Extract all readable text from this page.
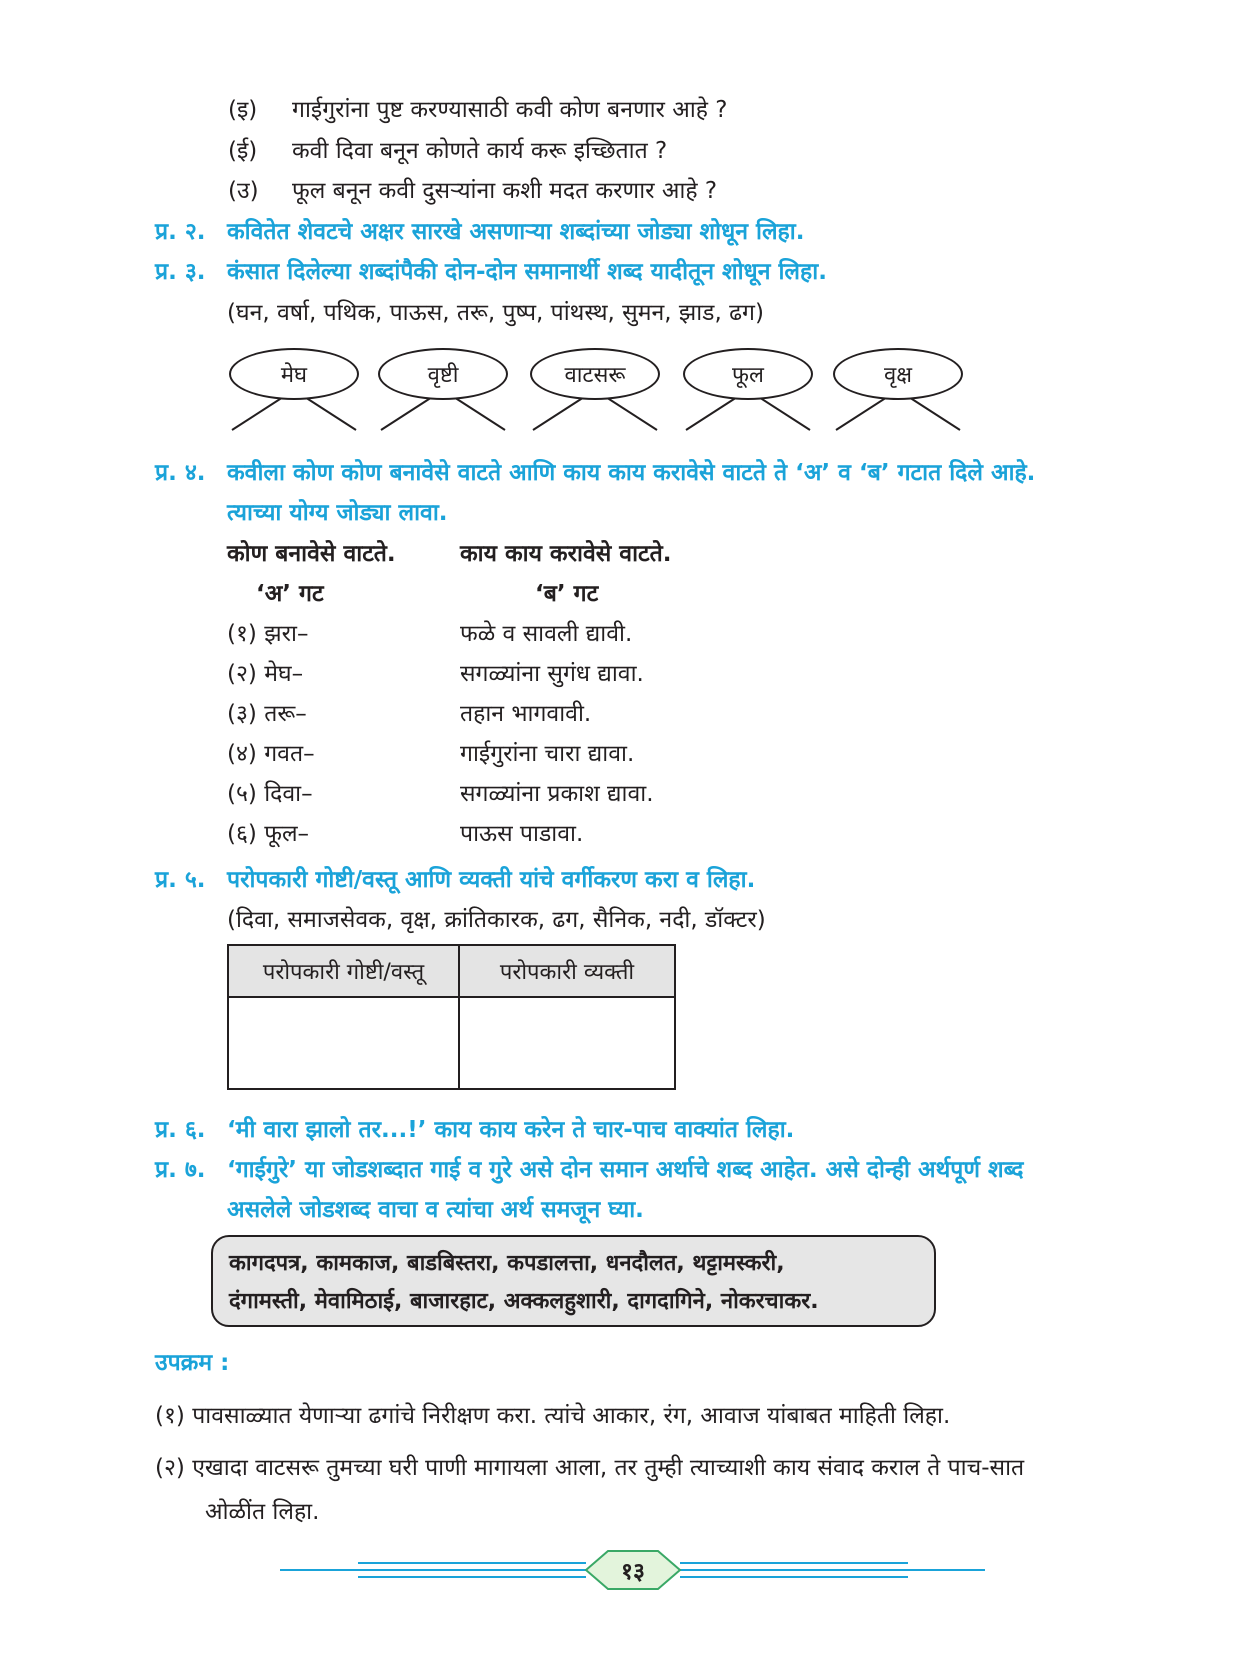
(इ) गाईगुरांना पुष्ट करण्यासाठी कवी कोण बनणार आहे ?
(ई) कवी दिवा बनून कोणते कार्य करू इच्छितात ?
(उ) फूल बनून कवी दुसऱ्यांना कशी मदत करणार आहे ?
प्र. २. कवितेत शेवटचे अक्षर सारखे असणाऱ्या शब्दांच्या जोड्या शोधून लिहा.
प्र. ३. कंसात दिलेल्या शब्दांपैकी दोन-दोन समानार्थी शब्द यादीतून शोधून लिहा.
(घन, वर्षा, पथिक, पाऊस, तरू, पुष्प, पांथस्थ, सुमन, झाड, ढग)
मेघ	वृष्टी	वाटसरू	फूल	वृक्ष
प्र. ४. कवीला कोण कोण बनावेसे वाटते आणि काय काय करावेसे वाटते ते ‘अ’ व ‘ब’ गटात दिले आहे.
त्याच्या योग्य जोड्या लावा.
कोण बनावेसे वाटते.	काय काय करावेसे वाटते.
‘अ’ गट	‘ब’ गट
(१) झरा–	फळे व सावली द्यावी.
(२) मेघ–	सगळ्यांना सुगंध द्यावा.
(३) तरू–	तहान भागवावी.
(४) गवत–	गाईगुरांना चारा द्यावा.
(५) दिवा–	सगळ्यांना प्रकाश द्यावा.
(६) फूल–	पाऊस पाडावा.
प्र. ५. परोपकारी गोष्टी/वस्तू आणि व्यक्ती यांचे वर्गीकरण करा व लिहा.
(दिवा, समाजसेवक, वृक्ष, क्रांतिकारक, ढग, सैनिक, नदी, डॉक्टर)
परोपकारी गोष्टी/वस्तू	परोपकारी व्यक्ती

प्र. ६. ‘मी वारा झालो तर...!’ काय काय करेन ते चार-पाच वाक्यांत लिहा.
प्र. ७. ‘गाईगुरे’ या जोडशब्दात गाई व गुरे असे दोन समान अर्थाचे शब्द आहेत. असे दोन्ही अर्थपूर्ण शब्द
असलेले जोडशब्द वाचा व त्यांचा अर्थ समजून घ्या.
कागदपत्र, कामकाज, बाडबिस्तरा, कपडालत्ता, धनदौलत, थट्टामस्करी,
दंगामस्ती, मेवामिठाई, बाजारहाट, अक्कलहुशारी, दागदागिने, नोकरचाकर.
उपक्रम :
(१) पावसाळ्यात येणाऱ्या ढगांचे निरीक्षण करा. त्यांचे आकार, रंग, आवाज यांबाबत माहिती लिहा.
(२) एखादा वाटसरू तुमच्या घरी पाणी मागायला आला, तर तुम्ही त्याच्याशी काय संवाद कराल ते पाच-सात
ओळींत लिहा.
१३
